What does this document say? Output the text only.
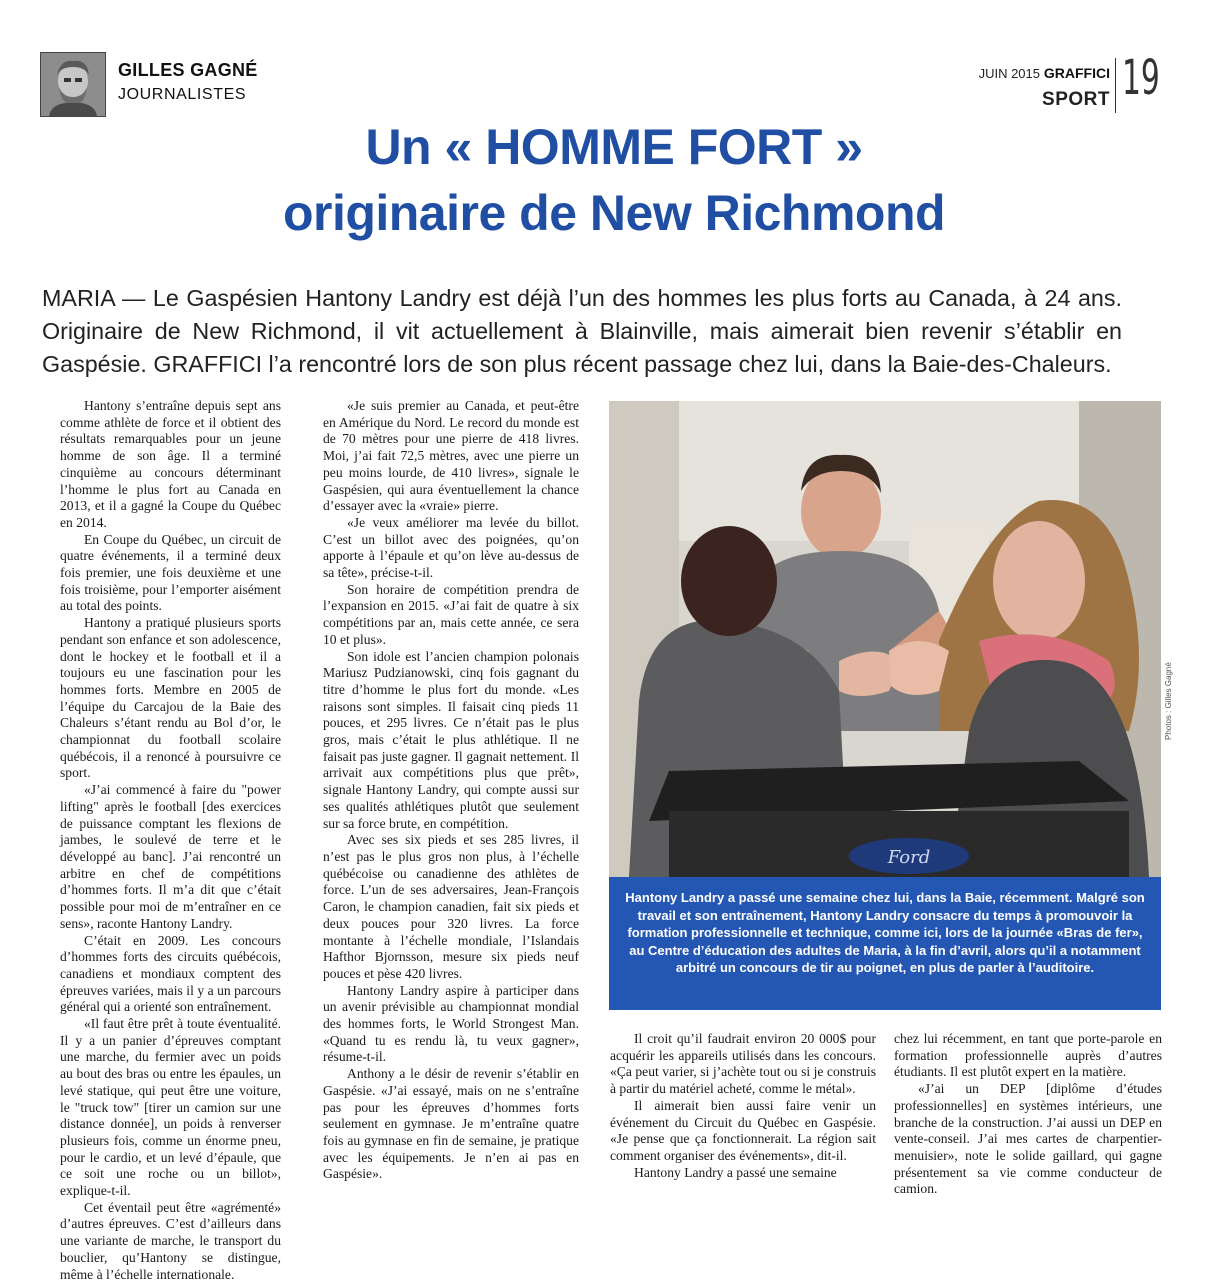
GILLES GAGNÉ
JOURNALISTES
JUIN 2015 GRAFFICI
SPORT 19
Un « HOMME FORT »
originaire de New Richmond
MARIA — Le Gaspésien Hantony Landry est déjà l’un des hommes les plus forts au Canada, à 24 ans. Originaire de New Richmond, il vit actuellement à Blainville, mais aimerait bien revenir s’établir en Gaspésie. GRAFFICI l’a rencontré lors de son plus récent passage chez lui, dans la Baie-des-Chaleurs.

Hantony s’entraîne depuis sept ans comme athlète de force et il obtient des résultats remarquables pour un jeune homme de son âge. Il a terminé cinquième au concours déterminant l’homme le plus fort au Canada en 2013, et il a gagné la Coupe du Québec en 2014.

En Coupe du Québec, un circuit de quatre événements, il a terminé deux fois premier, une fois deuxième et une fois troisième, pour l’emporter aisément au total des points.

Hantony a pratiqué plusieurs sports pendant son enfance et son adolescence, dont le hockey et le football et il a toujours eu une fascination pour les hommes forts. Membre en 2005 de l’équipe du Carcajou de la Baie des Chaleurs s’étant rendu au Bol d’or, le championnat du football scolaire québécois, il a renoncé à poursuivre ce sport.

«J’ai commencé à faire du "power lifting" après le football [des exercices de puissance comptant les flexions de jambes, le soulevé de terre et le développé au banc]. J’ai rencontré un arbitre en chef de compétitions d’hommes forts. Il m’a dit que c’était possible pour moi de m’entraîner en ce sens», raconte Hantony Landry.

C’était en 2009. Les concours d’hommes forts des circuits québécois, canadiens et mondiaux comptent des épreuves variées, mais il y a un parcours général qui a orienté son entraînement.

«Il faut être prêt à toute éventualité. Il y a un panier d’épreuves comptant une marche, du fermier avec un poids au bout des bras ou entre les épaules, un levé statique, qui peut être une voiture, le "truck tow" [tirer un camion sur une distance donnée], un poids à renverser plusieurs fois, comme un énorme pneu, pour le cardio, et un levé d’épaule, que ce soit une roche ou un billot», explique-t-il.

Cet éventail peut être «agrémenté» d’autres épreuves. C’est d’ailleurs dans une variante de marche, le transport du bouclier, qu’Hantony se distingue, même à l’échelle internationale.

«Je suis premier au Canada, et peut-être en Amérique du Nord. Le record du monde est de 70 mètres pour une pierre de 418 livres. Moi, j’ai fait 72,5 mètres, avec une pierre un peu moins lourde, de 410 livres», signale le Gaspésien, qui aura éventuellement la chance d’essayer avec la «vraie» pierre.

«Je veux améliorer ma levée du billot. C’est un billot avec des poignées, qu’on apporte à l’épaule et qu’on lève au-dessus de sa tête», précise-t-il.

Son horaire de compétition prendra de l’expansion en 2015. «J’ai fait de quatre à six compétitions par an, mais cette année, ce sera 10 et plus».

Son idole est l’ancien champion polonais Mariusz Pudzianowski, cinq fois gagnant du titre d’homme le plus fort du monde. «Les raisons sont simples. Il faisait cinq pieds 11 pouces, et 295 livres. Ce n’était pas le plus gros, mais c’était le plus athlétique. Il ne faisait pas juste gagner. Il gagnait nettement. Il arrivait aux compétitions plus que prêt», signale Hantony Landry, qui compte aussi sur ses qualités athlétiques plutôt que seulement sur sa force brute, en compétition.

Avec ses six pieds et ses 285 livres, il n’est pas le plus gros non plus, à l’échelle québécoise ou canadienne des athlètes de force. L’un de ses adversaires, Jean-François Caron, le champion canadien, fait six pieds et deux pouces pour 320 livres. La force montante à l’échelle mondiale, l’Islandais Hafthor Bjornsson, mesure six pieds neuf pouces et pèse 420 livres.

Hantony Landry aspire à participer dans un avenir prévisible au championnat mondial des hommes forts, le World Strongest Man. «Quand tu es rendu là, tu veux gagner», résume-t-il.

Anthony a le désir de revenir s’établir en Gaspésie. «J’ai essayé, mais on ne s’entraîne pas pour les épreuves d’hommes forts seulement en gymnase. Je m’entraîne quatre fois au gymnase en fin de semaine, je pratique avec les équipements. Je n’en ai pas en Gaspésie».

Ford
Photos : Gilles Gagné
Hantony Landry a passé une semaine chez lui, dans la Baie, récemment. Malgré son travail et son entraînement, Hantony Landry consacre du temps à promouvoir la formation professionnelle et technique, comme ici, lors de la journée «Bras de fer», au Centre d’éducation des adultes de Maria, à la fin d’avril, alors qu’il a notamment arbitré un concours de tir au poignet, en plus de parler à l’auditoire.

Il croit qu’il faudrait environ 20 000$ pour acquérir les appareils utilisés dans les concours. «Ça peut varier, si j’achète tout ou si je construis à partir du matériel acheté, comme le métal».

Il aimerait bien aussi faire venir un événement du Circuit du Québec en Gaspésie. «Je pense que ça fonctionnerait. La région sait comment organiser des événements», dit-il.

Hantony Landry a passé une semaine

chez lui récemment, en tant que porte-parole en formation professionnelle auprès d’autres étudiants. Il est plutôt expert en la matière.

«J’ai un DEP [diplôme d’études professionnelles] en systèmes intérieurs, une branche de la construction. J’ai aussi un DEP en vente-conseil. J’ai mes cartes de charpentier-menuisier», note le solide gaillard, qui gagne présentement sa vie comme conducteur de camion.
